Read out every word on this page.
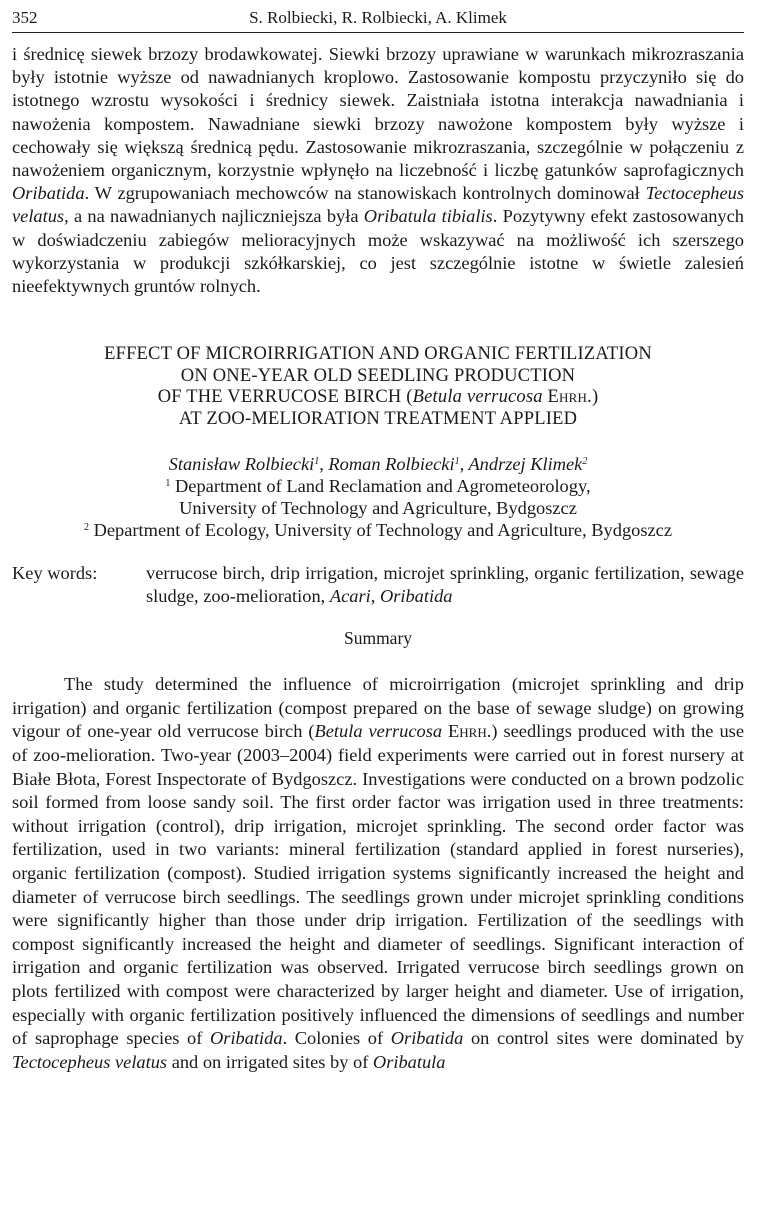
352	S. Rolbiecki, R. Rolbiecki, A. Klimek

i średnicę siewek brzozy brodawkowatej. Siewki brzozy uprawiane w warunkach mikrozraszania były istotnie wyższe od nawadnianych kroplowo. Zastosowanie kompostu przyczyniło się do istotnego wzrostu wysokości i średnicy siewek. Zaistniała istotna interakcja nawadniania i nawożenia kompostem. Nawadniane siewki brzozy nawożone kompostem były wyższe i cechowały się większą średnicą pędu. Zastosowanie mikrozraszania, szczególnie w połączeniu z nawożeniem organicznym, korzystnie wpłynęło na liczebność i liczbę gatunków saprofagicznych Oribatida. W zgrupowaniach mechowców na stanowiskach kontrolnych dominował Tectocepheus velatus, a na nawadnianych najliczniejsza była Oribatula tibialis. Pozytywny efekt zastosowanych w doświadczeniu zabiegów melioracyjnych może wskazywać na możliwość ich szerszego wykorzystania w produkcji szkółkarskiej, co jest szczególnie istotne w świetle zalesień nieefektywnych gruntów rolnych.

EFFECT OF MICROIRRIGATION AND ORGANIC FERTILIZATION
ON ONE-YEAR OLD SEEDLING PRODUCTION
OF THE VERRUCOSE BIRCH (Betula verrucosa Ehrh.)
AT ZOO-MELIORATION TREATMENT APPLIED
Stanisław Rolbiecki$^1$, Roman Rolbiecki$^1$, Andrzej Klimek$^2$
$^1$ Department of Land Reclamation and Agrometeorology,
University of Technology and Agriculture, Bydgoszcz
$^2$ Department of Ecology, University of Technology and Agriculture, Bydgoszcz
Key words:	verrucose birch, drip irrigation, microjet sprinkling, organic fertilization, sewage sludge, zoo-melioration, Acari, Oribatida
Summary

The study determined the influence of microirrigation (microjet sprinkling and drip irrigation) and organic fertilization (compost prepared on the base of sewage sludge) on growing vigour of one-year old verrucose birch (Betula verrucosa Ehrh.) seedlings produced with the use of zoo-melioration. Two-year (2003–2004) field experiments were carried out in forest nursery at Białe Błota, Forest Inspectorate of Bydgoszcz. Investigations were conducted on a brown podzolic soil formed from loose sandy soil. The first order factor was irrigation used in three treatments: without irrigation (control), drip irrigation, microjet sprinkling. The second order factor was fertilization, used in two variants: mineral fertilization (standard applied in forest nurseries), organic fertilization (compost). Studied irrigation systems significantly increased the height and diameter of verrucose birch seedlings. The seedlings grown under microjet sprinkling conditions were significantly higher than those under drip irrigation. Fertilization of the seedlings with compost significantly increased the height and diameter of seedlings. Significant interaction of irrigation and organic fertilization was observed. Irrigated verrucose birch seedlings grown on plots fertilized with compost were characterized by larger height and diameter. Use of irrigation, especially with organic fertilization positively influenced the dimensions of seedlings and number of saprophage species of Oribatida. Colonies of Oribatida on control sites were dominated by Tectocepheus velatus and on irrigated sites by of Oribatula
